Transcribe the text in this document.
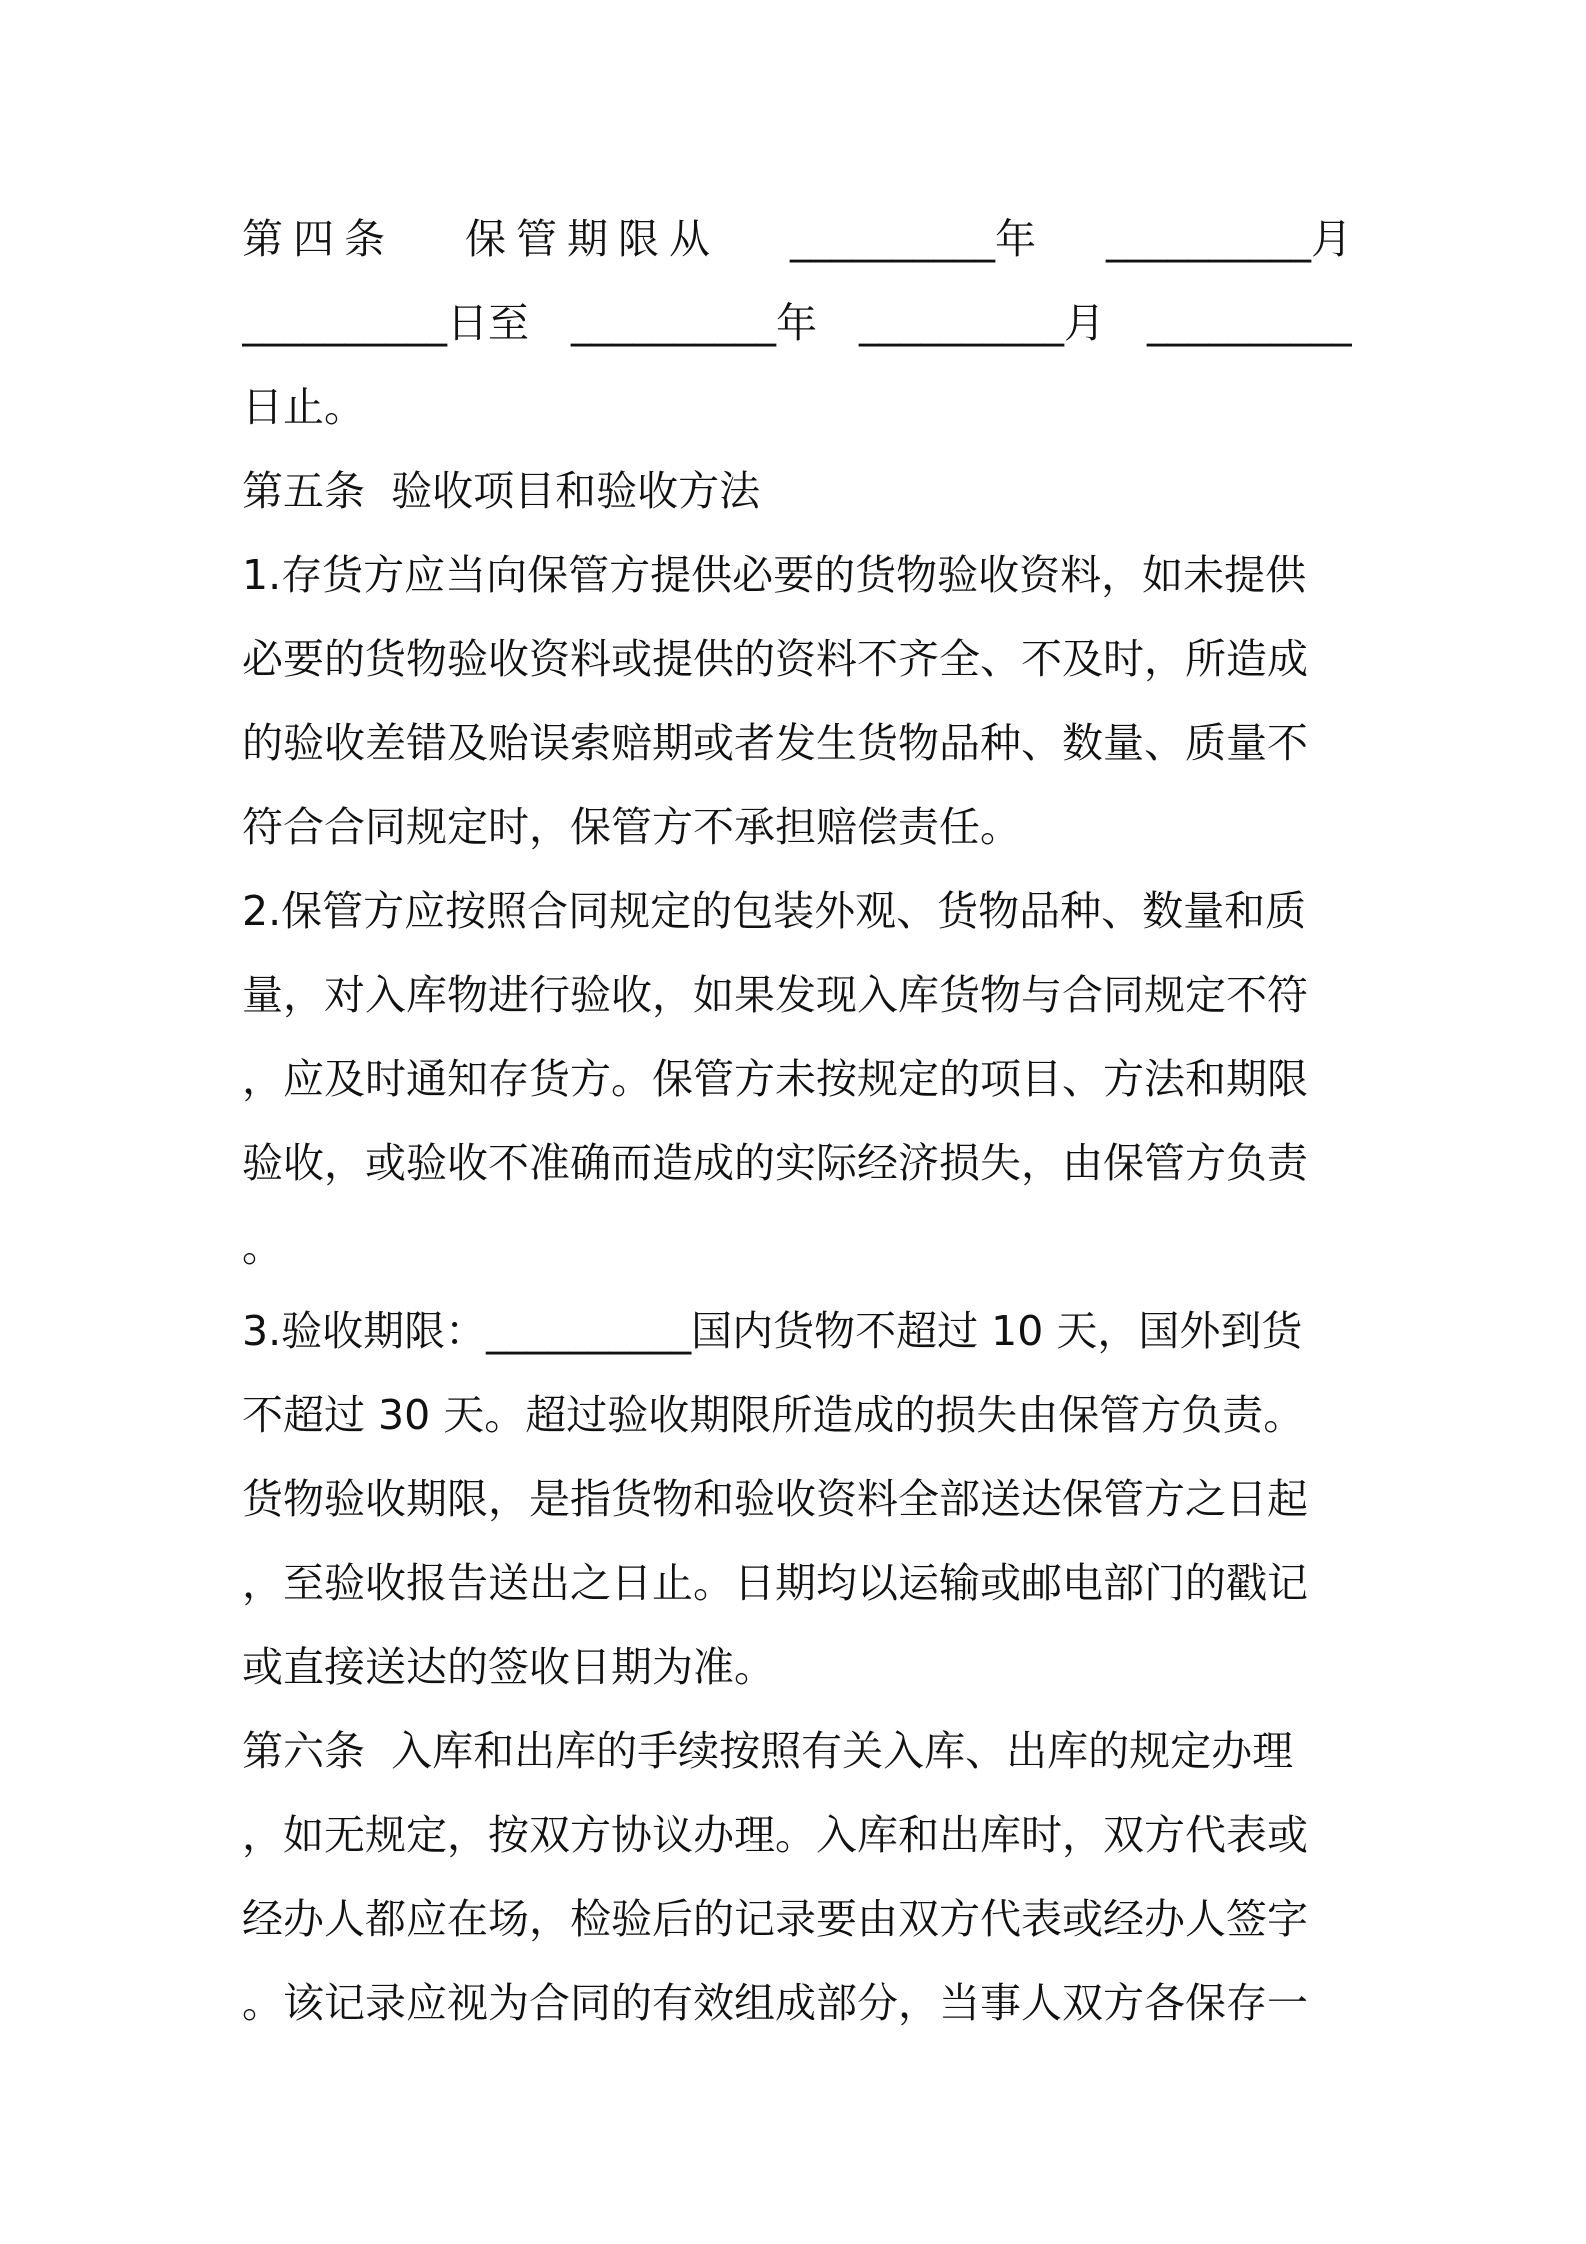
第四条 保管期限从 __________年 __________月
__________日至 __________年 __________月 __________
日止。
第五条  验收项目和验收方法
1.存货方应当向保管方提供必要的货物验收资料，如未提供
必要的货物验收资料或提供的资料不齐全、不及时，所造成
的验收差错及贻误索赔期或者发生货物品种、数量、质量不
符合合同规定时，保管方不承担赔偿责任。
2.保管方应按照合同规定的包装外观、货物品种、数量和质
量，对入库物进行验收，如果发现入库货物与合同规定不符
，应及时通知存货方。保管方未按规定的项目、方法和期限
验收，或验收不准确而造成的实际经济损失，由保管方负责
。
3.验收期限：__________国内货物不超过 10 天，国外到货
不超过 30 天。超过验收期限所造成的损失由保管方负责。
货物验收期限，是指货物和验收资料全部送达保管方之日起
，至验收报告送出之日止。日期均以运输或邮电部门的戳记
或直接送达的签收日期为准。
第六条  入库和出库的手续按照有关入库、出库的规定办理
，如无规定，按双方协议办理。入库和出库时，双方代表或
经办人都应在场，检验后的记录要由双方代表或经办人签字
。该记录应视为合同的有效组成部分，当事人双方各保存一
